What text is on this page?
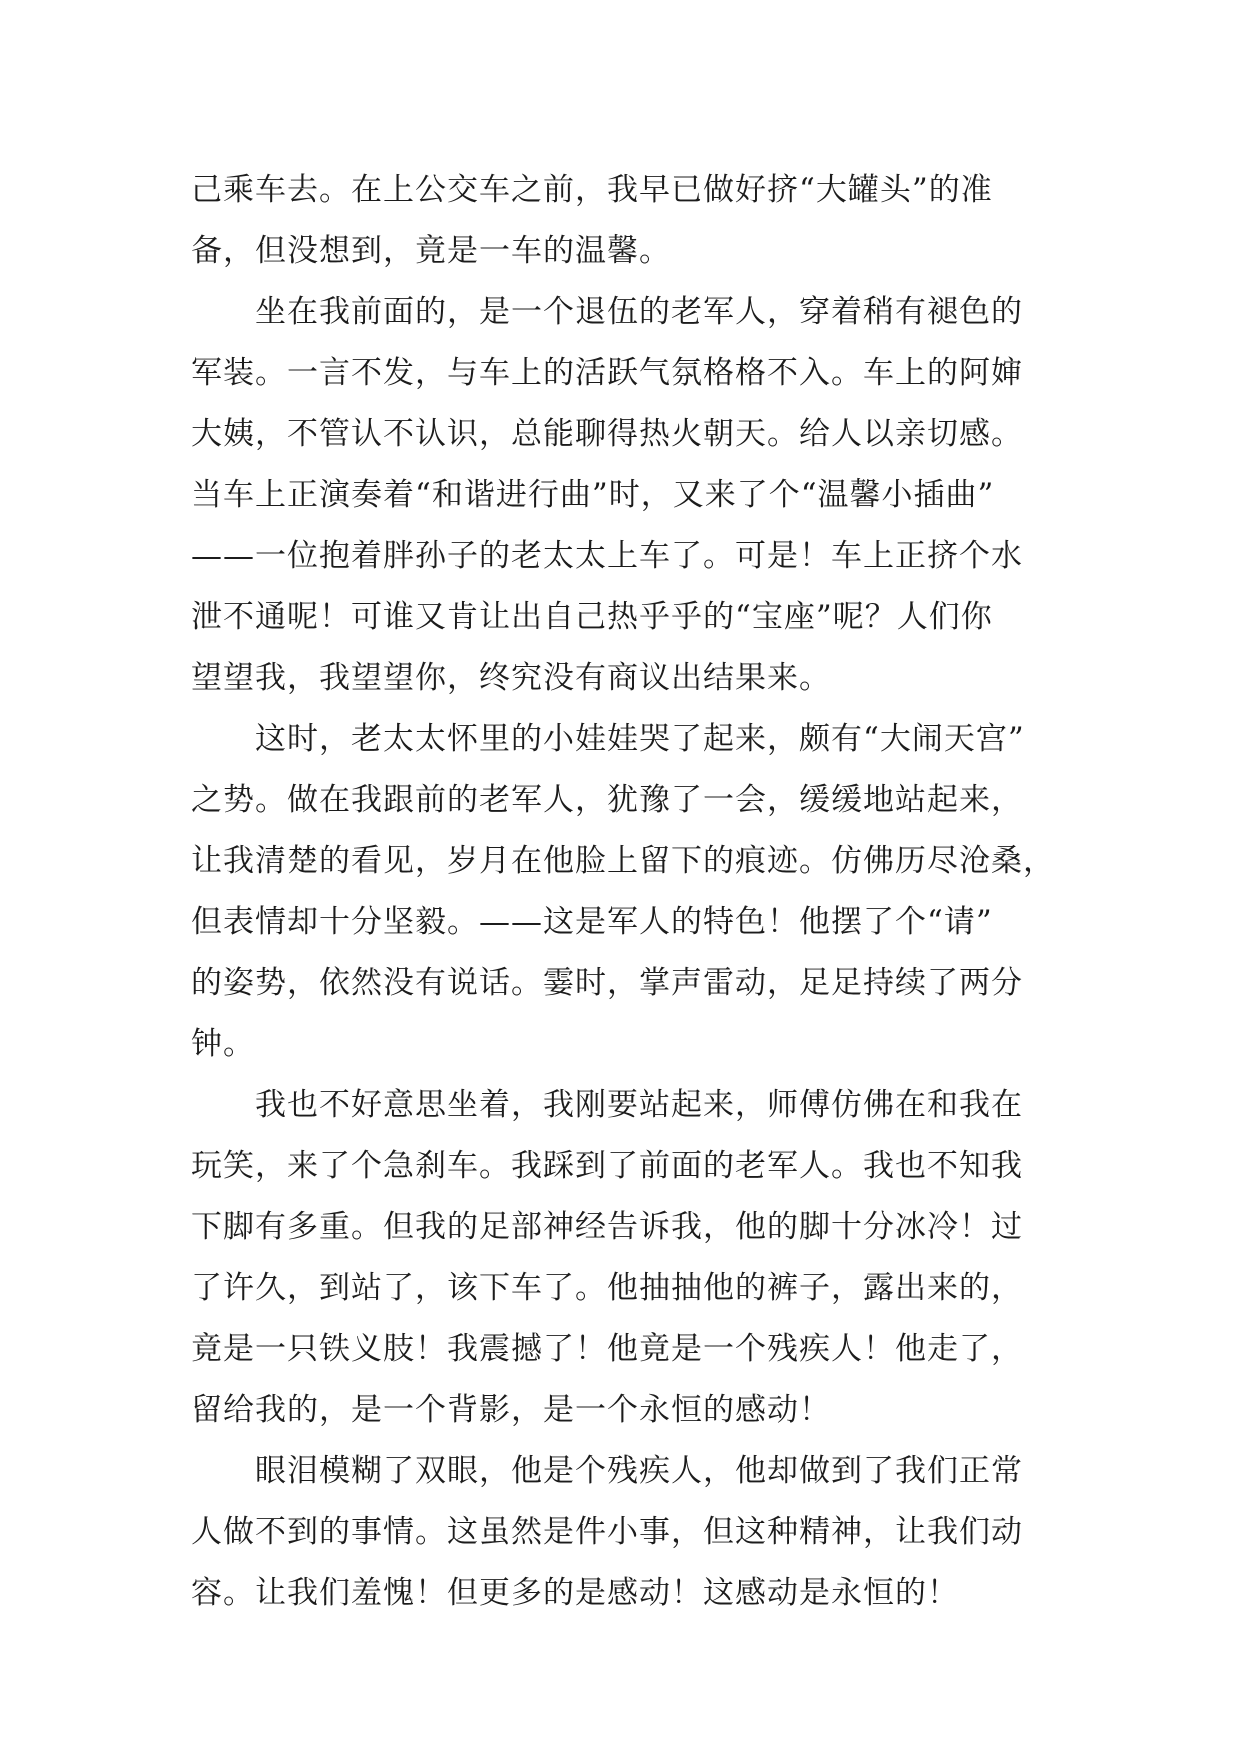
己乘车去。在上公交车之前，我早已做好挤“大罐头”的准
备，但没想到，竟是一车的温馨。
坐在我前面的，是一个退伍的老军人，穿着稍有褪色的
军装。一言不发，与车上的活跃气氛格格不入。车上的阿婶
大姨，不管认不认识，总能聊得热火朝天。给人以亲切感。
当车上正演奏着“和谐进行曲”时，又来了个“温馨小插曲”
——一位抱着胖孙子的老太太上车了。可是！车上正挤个水
泄不通呢！可谁又肯让出自己热乎乎的“宝座”呢？人们你
望望我，我望望你，终究没有商议出结果来。
这时，老太太怀里的小娃娃哭了起来，颇有“大闹天宫”
之势。做在我跟前的老军人，犹豫了一会，缓缓地站起来，
让我清楚的看见，岁月在他脸上留下的痕迹。仿佛历尽沧桑，
但表情却十分坚毅。——这是军人的特色！他摆了个“请”
的姿势，依然没有说话。霎时，掌声雷动，足足持续了两分
钟。
我也不好意思坐着，我刚要站起来，师傅仿佛在和我在
玩笑，来了个急刹车。我踩到了前面的老军人。我也不知我
下脚有多重。但我的足部神经告诉我，他的脚十分冰冷！过
了许久，到站了，该下车了。他抽抽他的裤子，露出来的，
竟是一只铁义肢！我震撼了！他竟是一个残疾人！他走了，
留给我的，是一个背影，是一个永恒的感动！
眼泪模糊了双眼，他是个残疾人，他却做到了我们正常
人做不到的事情。这虽然是件小事，但这种精神，让我们动
容。让我们羞愧！但更多的是感动！这感动是永恒的！
